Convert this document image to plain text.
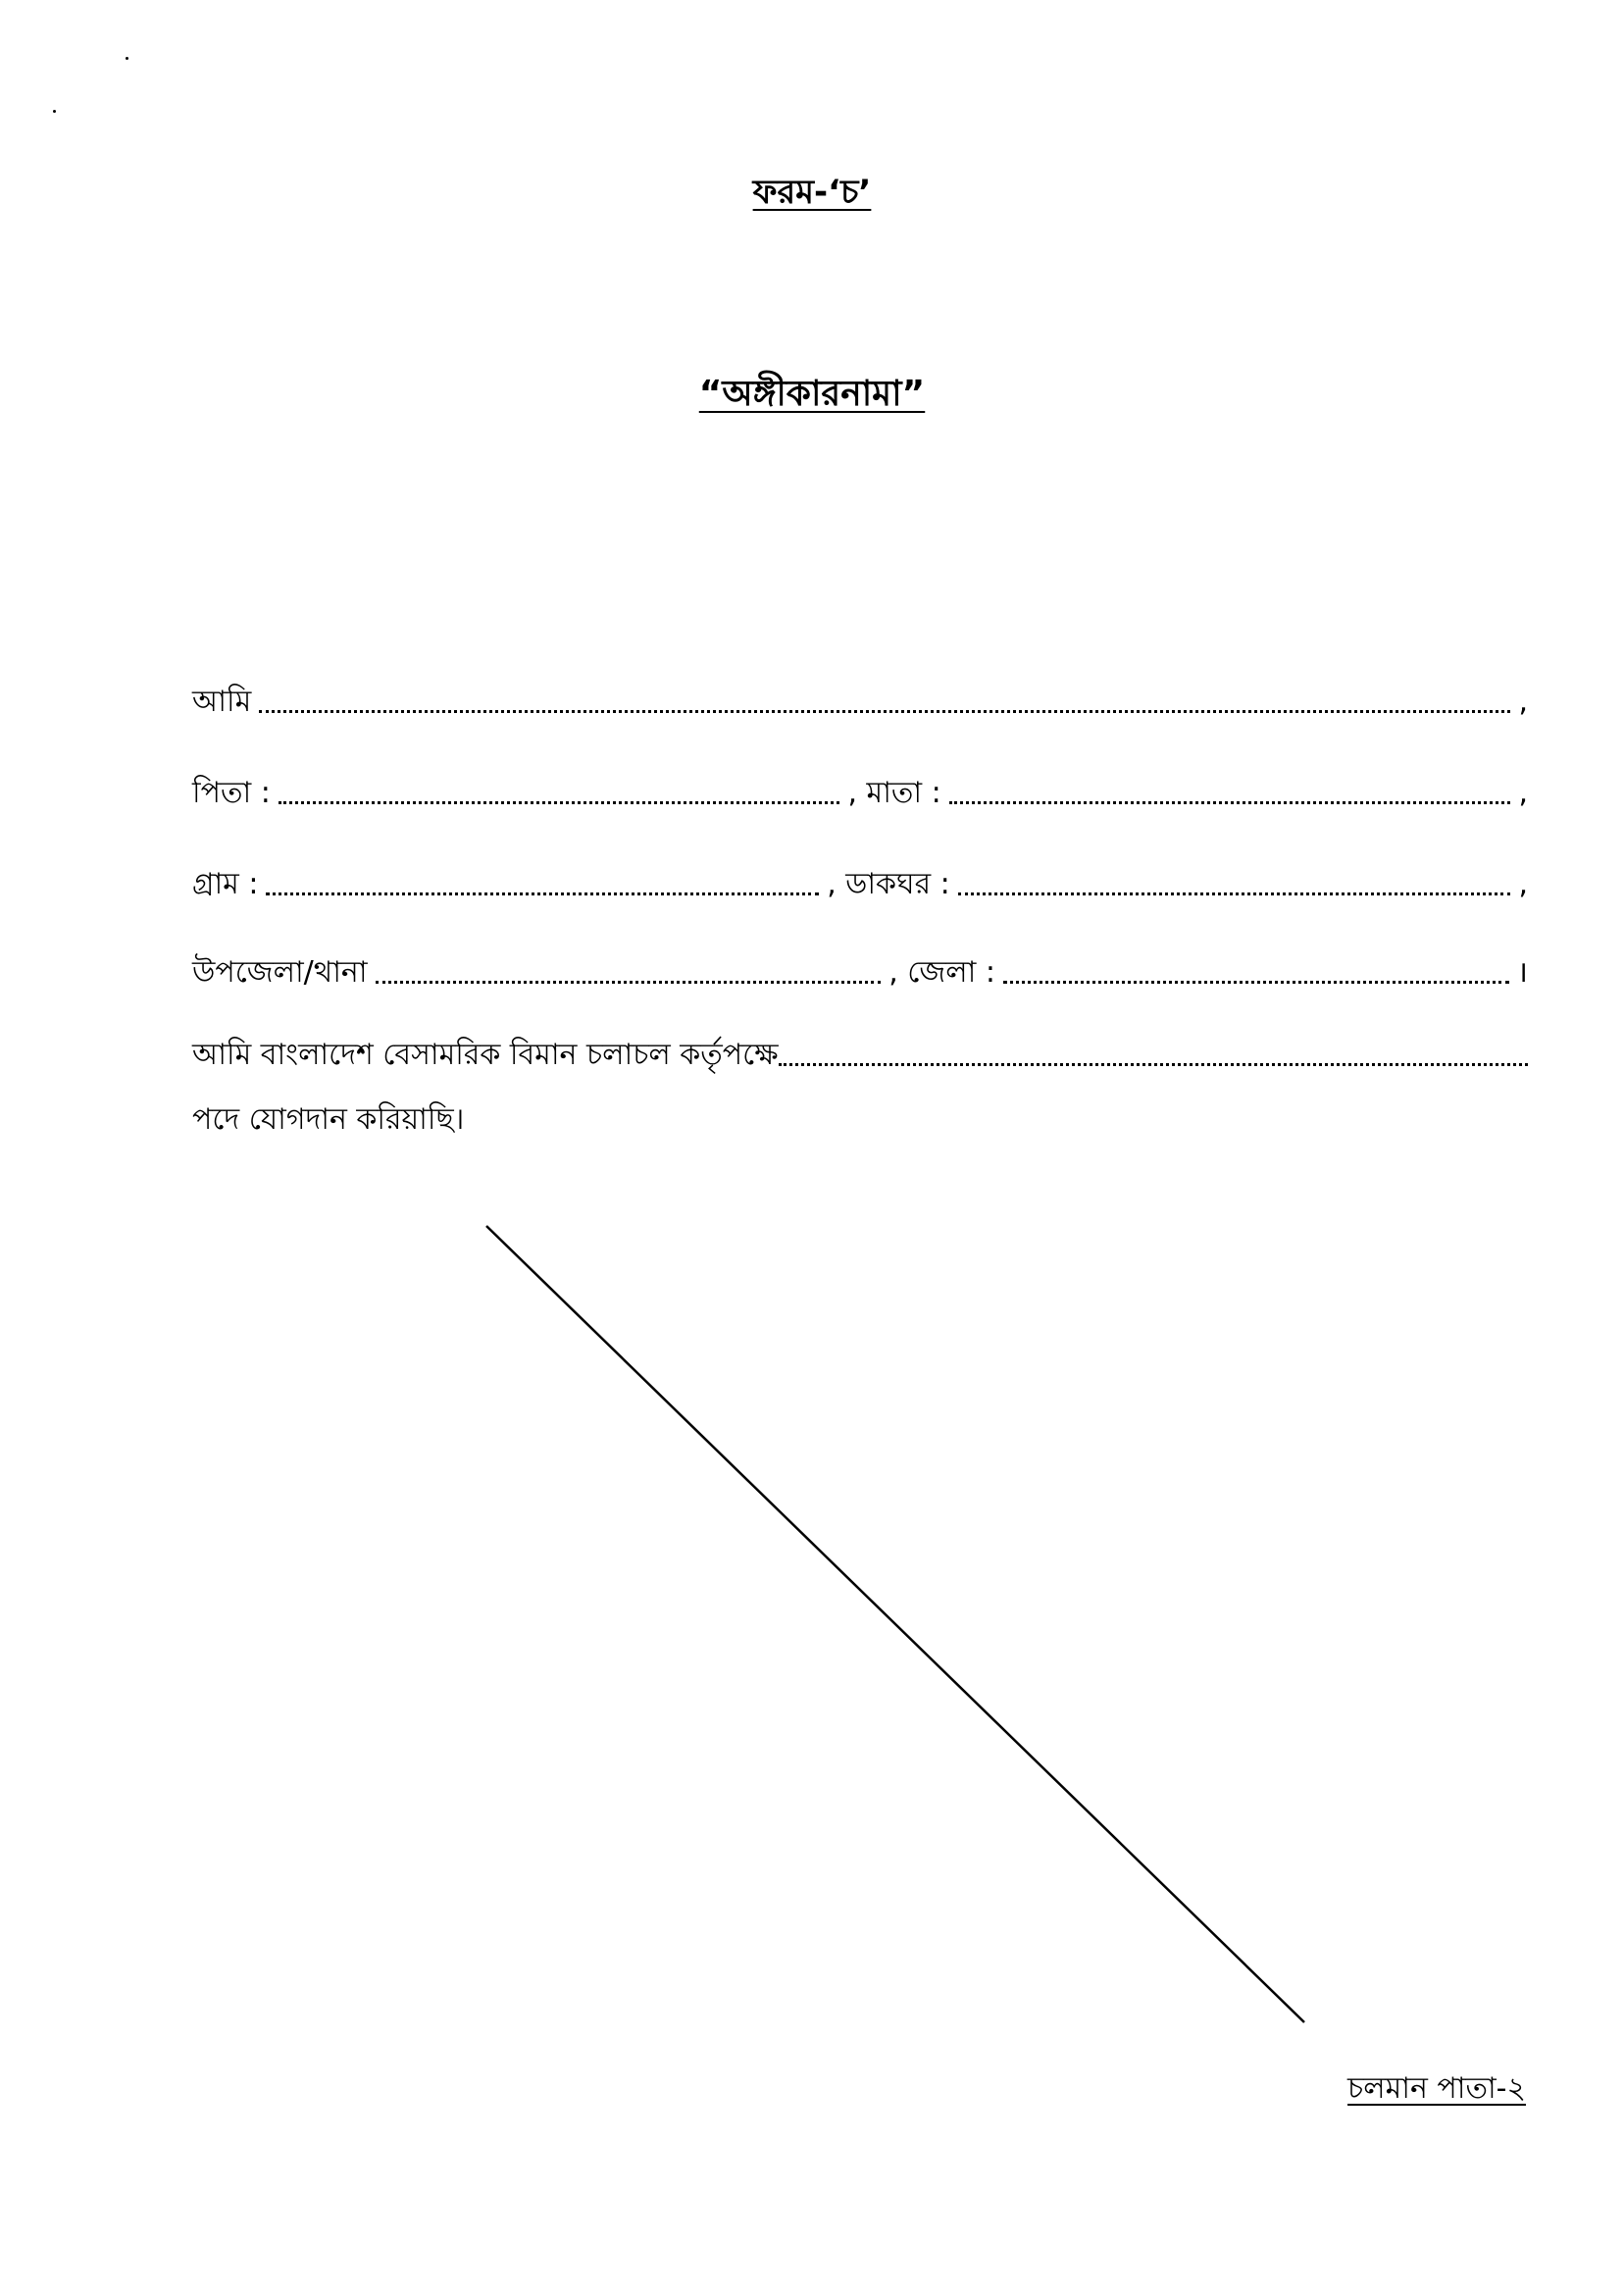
ফরম-‘চ’
“অঙ্গীকারনামা”
আমি	,
পিতা :	, মাতা :	,
গ্রাম :	, ডাকঘর :	,
উপজেলা/থানা	, জেলা :	।
আমি বাংলাদেশ বেসামরিক বিমান চলাচল কর্তৃপক্ষে
পদে যোগদান করিয়াছি।
চলমান পাতা-২
